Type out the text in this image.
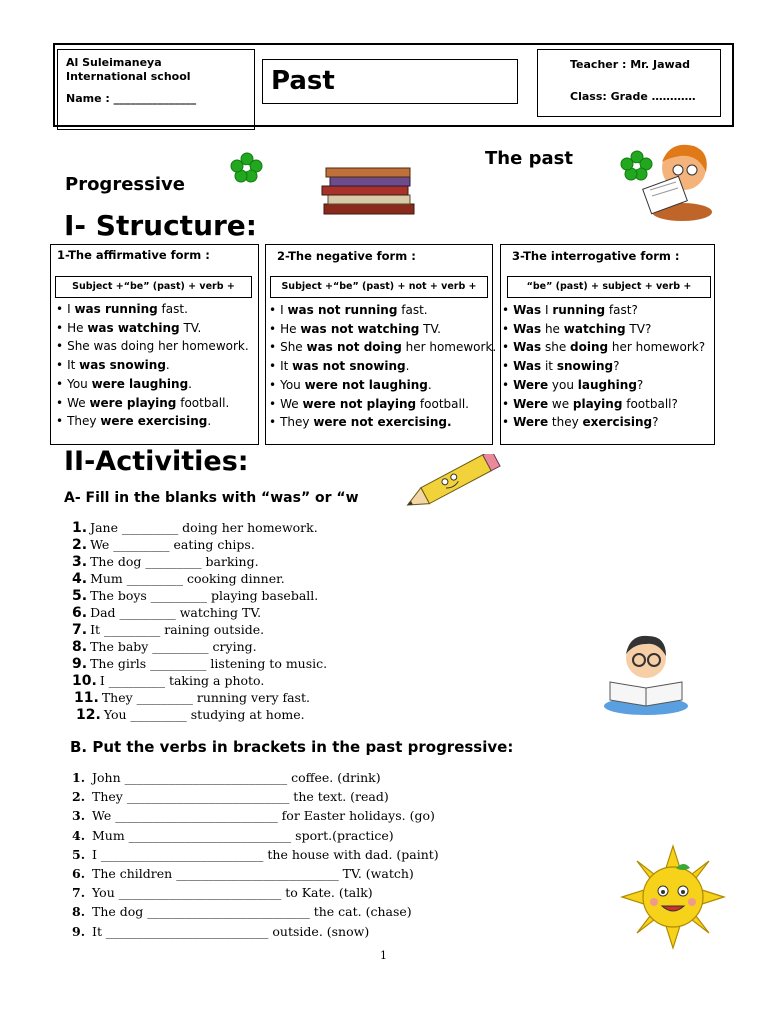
Al Suleimaneya International school
Name : _______________
Past
Teacher : Mr. Jawad
Class: Grade …………
The past
Progressive
I- Structure:
1-The affirmative form :
Subject +“be” (past) + verb +
• I was running fast.
• He was watching TV.
• She was doing her homework.
• It was snowing.
• You were laughing.
• We were playing football.
• They were exercising.
2-The negative form :
Subject +“be” (past) + not + verb +
• I was not running fast.
• He was not watching TV.
• She was not doing her homework.
• It was not snowing.
• You were not laughing.
• We were not playing football.
• They were not exercising.
3-The interrogative form :
“be” (past) + subject + verb +
• Was I running fast?
• Was he watching TV?
• Was she doing her homework?
• Was it snowing?
• Were you laughing?
• Were we playing football?
• Were they exercising?
II-Activities:
A- Fill in the blanks with “was” or “w
1. Jane _________ doing her homework.
2. We _________ eating chips.
3. The dog _________ barking.
4. Mum _________ cooking dinner.
5. The boys _________ playing baseball.
6. Dad _________ watching TV.
7. It _________ raining outside.
8. The baby _________ crying.
9. The girls _________ listening to music.
10. I _________ taking a photo.
11. They _________ running very fast.
12. You _________ studying at home.
B. Put the verbs in brackets in the past progressive:
1. John __________________________ coffee. (drink)
2. They __________________________ the text. (read)
3. We __________________________ for Easter holidays. (go)
4. Mum __________________________ sport.(practice)
5. I __________________________ the house with dad. (paint)
6. The children __________________________ TV. (watch)
7. You __________________________ to Kate. (talk)
8. The dog __________________________ the cat. (chase)
9. It __________________________ outside. (snow)
1
